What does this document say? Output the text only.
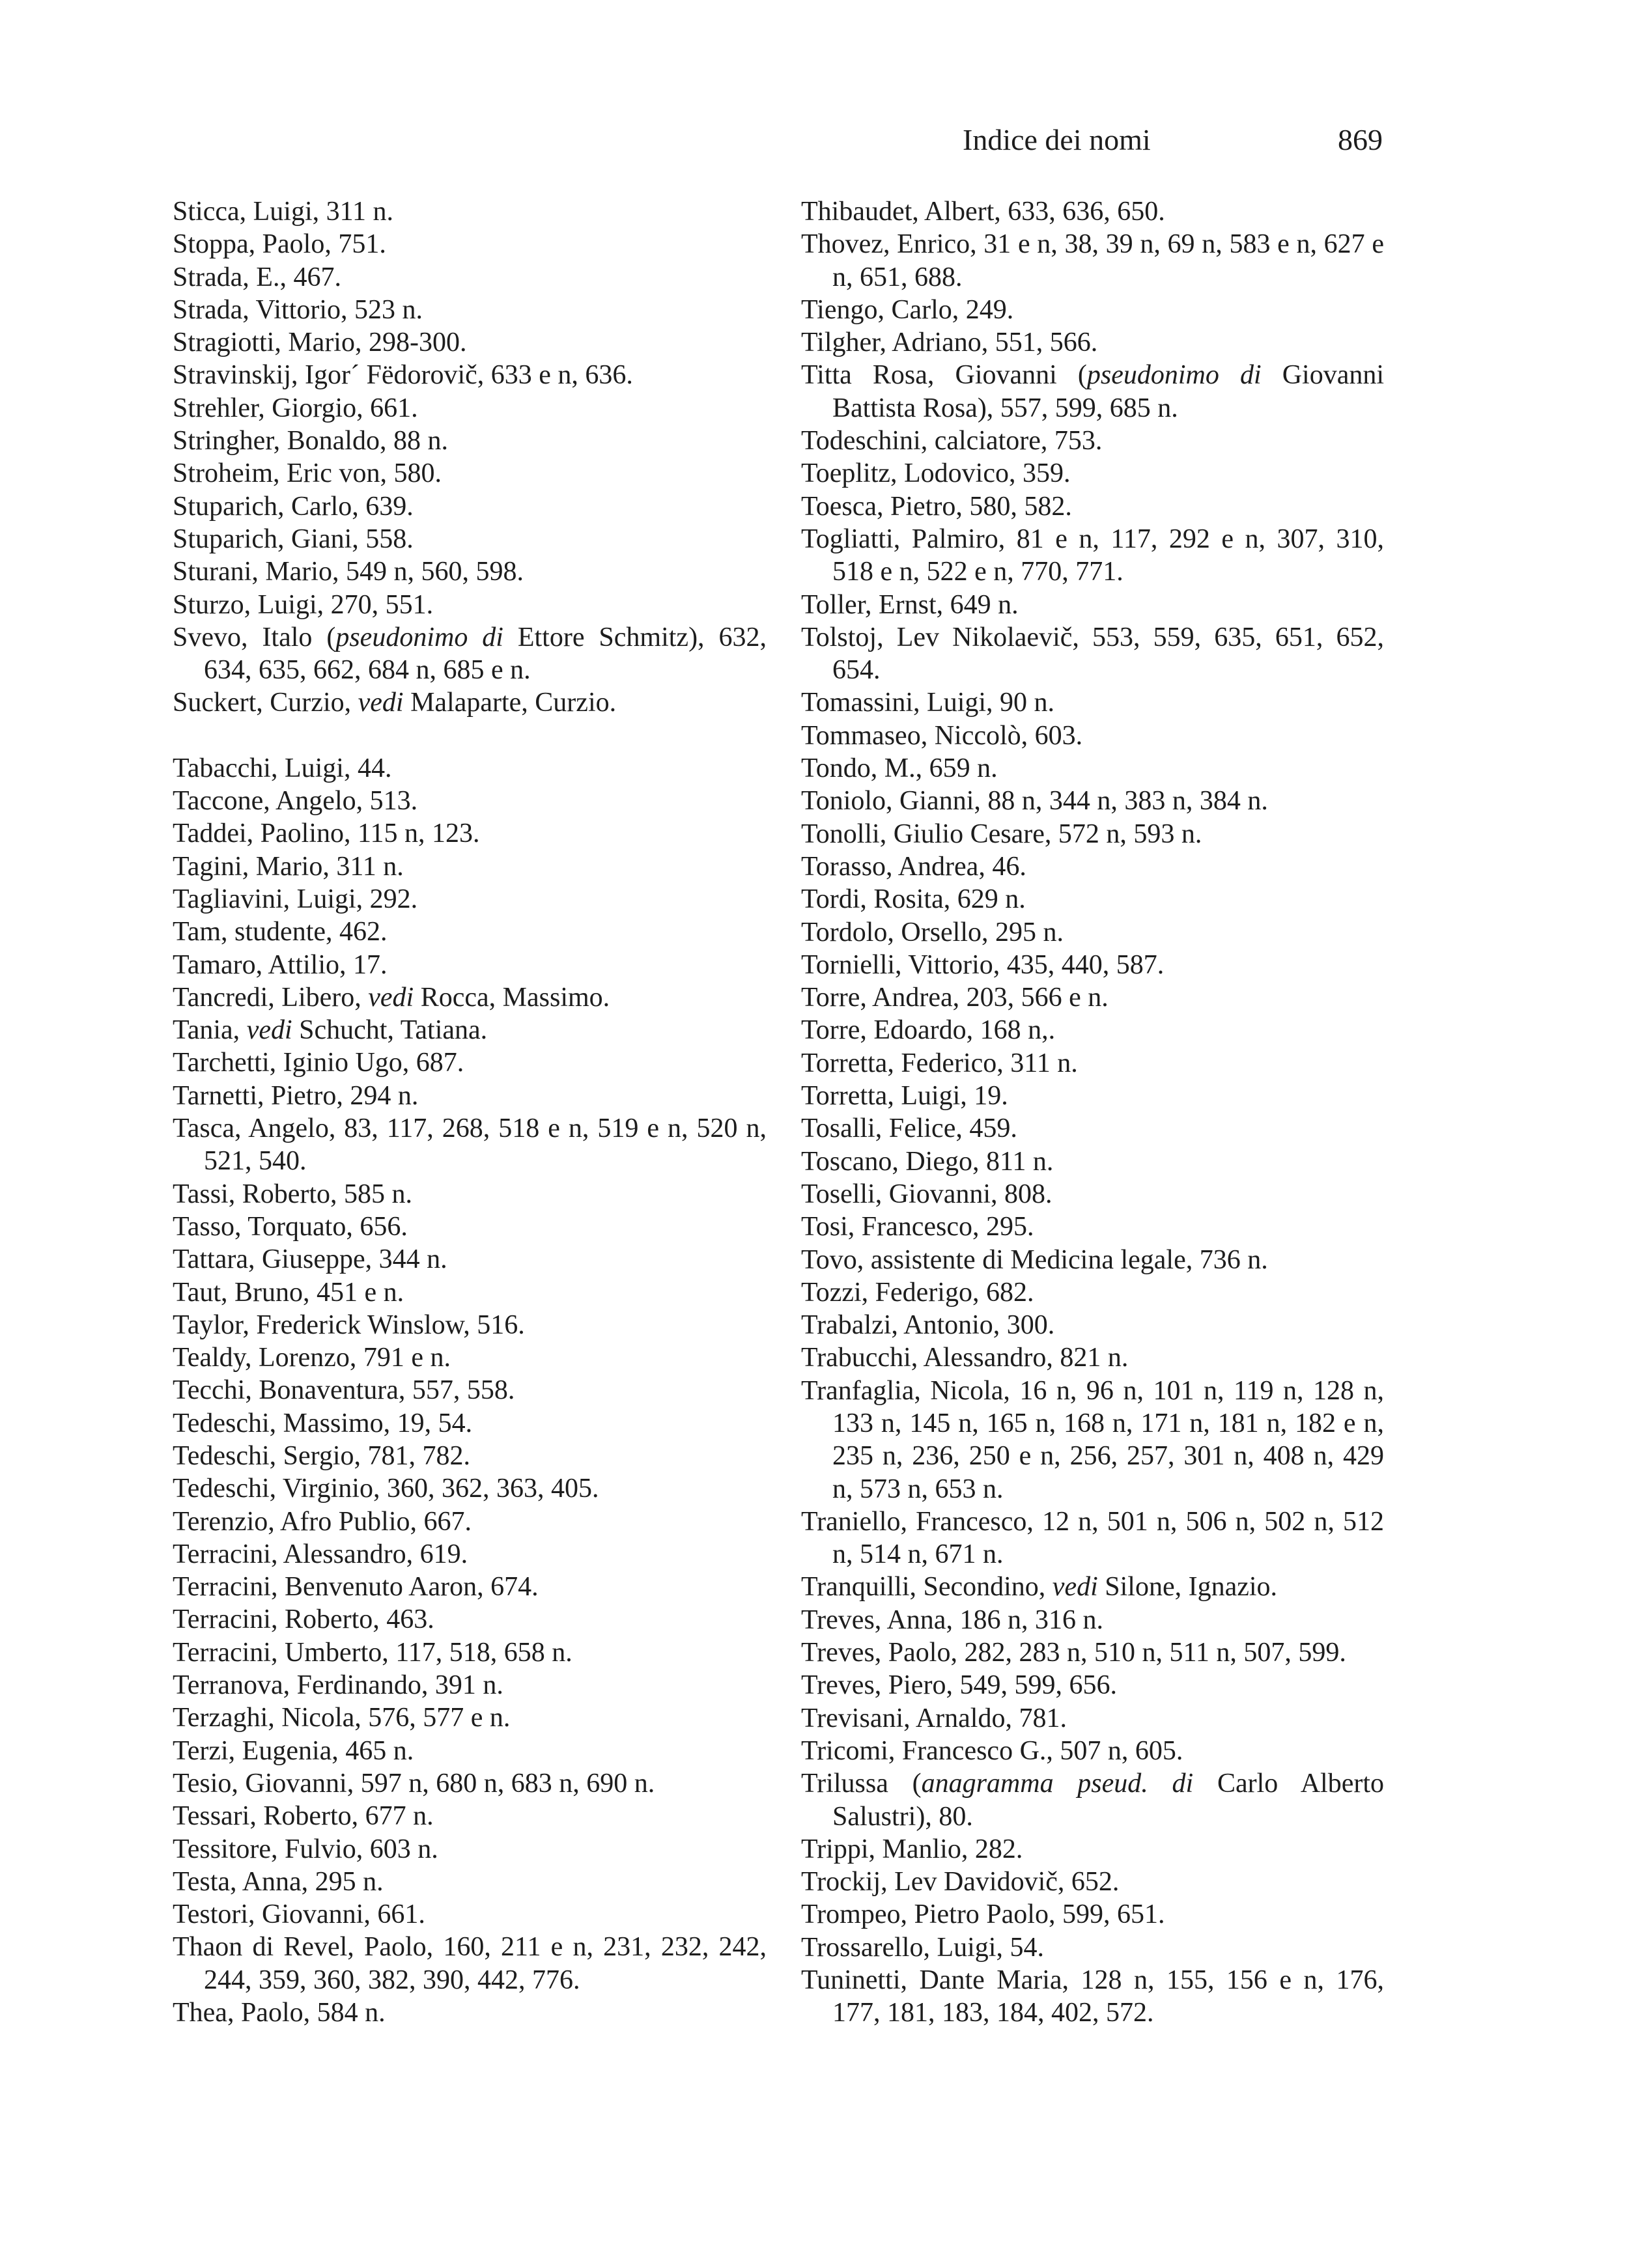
Indice dei nomi	869
Sticca, Luigi, 311 n.
Stoppa, Paolo, 751.
Strada, E., 467.
Strada, Vittorio, 523 n.
Stragiotti, Mario, 298-300.
Stravinskij, Igor´ Fëdorovič, 633 e n, 636.
Strehler, Giorgio, 661.
Stringher, Bonaldo, 88 n.
Stroheim, Eric von, 580.
Stuparich, Carlo, 639.
Stuparich, Giani, 558.
Sturani, Mario, 549 n, 560, 598.
Sturzo, Luigi, 270, 551.
Svevo, Italo (pseudonimo di Ettore Schmitz), 632, 634, 635, 662, 684 n, 685 e n.
Suckert, Curzio, vedi Malaparte, Curzio.
Tabacchi, Luigi, 44.
Taccone, Angelo, 513.
Taddei, Paolino, 115 n, 123.
Tagini, Mario, 311 n.
Tagliavini, Luigi, 292.
Tam, studente, 462.
Tamaro, Attilio, 17.
Tancredi, Libero, vedi Rocca, Massimo.
Tania, vedi Schucht, Tatiana.
Tarchetti, Iginio Ugo, 687.
Tarnetti, Pietro, 294 n.
Tasca, Angelo, 83, 117, 268, 518 e n, 519 e n, 520 n, 521, 540.
Tassi, Roberto, 585 n.
Tasso, Torquato, 656.
Tattara, Giuseppe, 344 n.
Taut, Bruno, 451 e n.
Taylor, Frederick Winslow, 516.
Tealdy, Lorenzo, 791 e n.
Tecchi, Bonaventura, 557, 558.
Tedeschi, Massimo, 19, 54.
Tedeschi, Sergio, 781, 782.
Tedeschi, Virginio, 360, 362, 363, 405.
Terenzio, Afro Publio, 667.
Terracini, Alessandro, 619.
Terracini, Benvenuto Aaron, 674.
Terracini, Roberto, 463.
Terracini, Umberto, 117, 518, 658 n.
Terranova, Ferdinando, 391 n.
Terzaghi, Nicola, 576, 577 e n.
Terzi, Eugenia, 465 n.
Tesio, Giovanni, 597 n, 680 n, 683 n, 690 n.
Tessari, Roberto, 677 n.
Tessitore, Fulvio, 603 n.
Testa, Anna, 295 n.
Testori, Giovanni, 661.
Thaon di Revel, Paolo, 160, 211 e n, 231, 232, 242, 244, 359, 360, 382, 390, 442, 776.
Thea, Paolo, 584 n.
Thibaudet, Albert, 633, 636, 650.
Thovez, Enrico, 31 e n, 38, 39 n, 69 n, 583 e n, 627 e n, 651, 688.
Tiengo, Carlo, 249.
Tilgher, Adriano, 551, 566.
Titta Rosa, Giovanni (pseudonimo di Giovanni Battista Rosa), 557, 599, 685 n.
Todeschini, calciatore, 753.
Toeplitz, Lodovico, 359.
Toesca, Pietro, 580, 582.
Togliatti, Palmiro, 81 e n, 117, 292 e n, 307, 310, 518 e n, 522 e n, 770, 771.
Toller, Ernst, 649 n.
Tolstoj, Lev Nikolaevič, 553, 559, 635, 651, 652, 654.
Tomassini, Luigi, 90 n.
Tommaseo, Niccolò, 603.
Tondo, M., 659 n.
Toniolo, Gianni, 88 n, 344 n, 383 n, 384 n.
Tonolli, Giulio Cesare, 572 n, 593 n.
Torasso, Andrea, 46.
Tordi, Rosita, 629 n.
Tordolo, Orsello, 295 n.
Tornielli, Vittorio, 435, 440, 587.
Torre, Andrea, 203, 566 e n.
Torre, Edoardo, 168 n,.
Torretta, Federico, 311 n.
Torretta, Luigi, 19.
Tosalli, Felice, 459.
Toscano, Diego, 811 n.
Toselli, Giovanni, 808.
Tosi, Francesco, 295.
Tovo, assistente di Medicina legale, 736 n.
Tozzi, Federigo, 682.
Trabalzi, Antonio, 300.
Trabucchi, Alessandro, 821 n.
Tranfaglia, Nicola, 16 n, 96 n, 101 n, 119 n, 128 n, 133 n, 145 n, 165 n, 168 n, 171 n, 181 n, 182 e n, 235 n, 236, 250 e n, 256, 257, 301 n, 408 n, 429 n, 573 n, 653 n.
Traniello, Francesco, 12 n, 501 n, 506 n, 502 n, 512 n, 514 n, 671 n.
Tranquilli, Secondino, vedi Silone, Ignazio.
Treves, Anna, 186 n, 316 n.
Treves, Paolo, 282, 283 n, 510 n, 511 n, 507, 599.
Treves, Piero, 549, 599, 656.
Trevisani, Arnaldo, 781.
Tricomi, Francesco G., 507 n, 605.
Trilussa (anagramma pseud. di Carlo Alberto Salustri), 80.
Trippi, Manlio, 282.
Trockij, Lev Davidovič, 652.
Trompeo, Pietro Paolo, 599, 651.
Trossarello, Luigi, 54.
Tuninetti, Dante Maria, 128 n, 155, 156 e n, 176, 177, 181, 183, 184, 402, 572.
